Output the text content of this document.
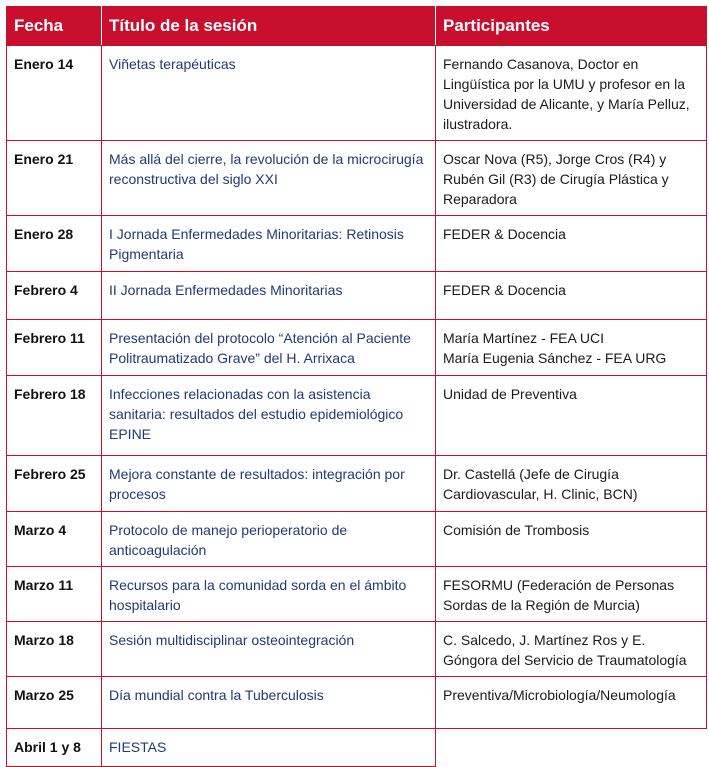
Fecha	Título de la sesión	Participantes
Enero 14	Viñetas terapéuticas	Fernando Casanova, Doctor en Lingüística por la UMU y profesor en la Universidad de Alicante, y María Pelluz, ilustradora.

Enero 21	Más allá del cierre, la revolución de la microcirugía reconstructiva del siglo XXI	Oscar Nova (R5), Jorge Cros (R4) y Rubén Gil (R3) de Cirugía Plástica y Reparadora

Enero 28	I Jornada Enfermedades Minoritarias: Retinosis Pigmentaria	FEDER & Docencia

Febrero 4	II Jornada Enfermedades Minoritarias	FEDER & Docencia

Febrero 11	Presentación del protocolo “Atención al Paciente Politraumatizado Grave” del H. Arrixaca	María Martínez - FEA UCI
María Eugenia Sánchez - FEA URG

Febrero 18	Infecciones relacionadas con la asistencia sanitaria: resultados del estudio epidemiológico EPINE	Unidad de Preventiva

Febrero 25	Mejora constante de resultados: integración por procesos	Dr. Castellá (Jefe de Cirugía Cardiovascular, H. Clinic, BCN)

Marzo 4	Protocolo de manejo perioperatorio de anticoagulación	Comisión de Trombosis

Marzo 11	Recursos para la comunidad sorda en el ámbito hospitalario	FESORMU (Federación de Personas Sordas de la Región de Murcia)

Marzo 18	Sesión multidisciplinar osteointegración	C. Salcedo, J. Martínez Ros y E. Góngora del Servicio de Traumatología

Marzo 25	Día mundial contra la Tuberculosis	Preventiva/Microbiología/Neumología

Abril 1 y 8	FIESTAS	
